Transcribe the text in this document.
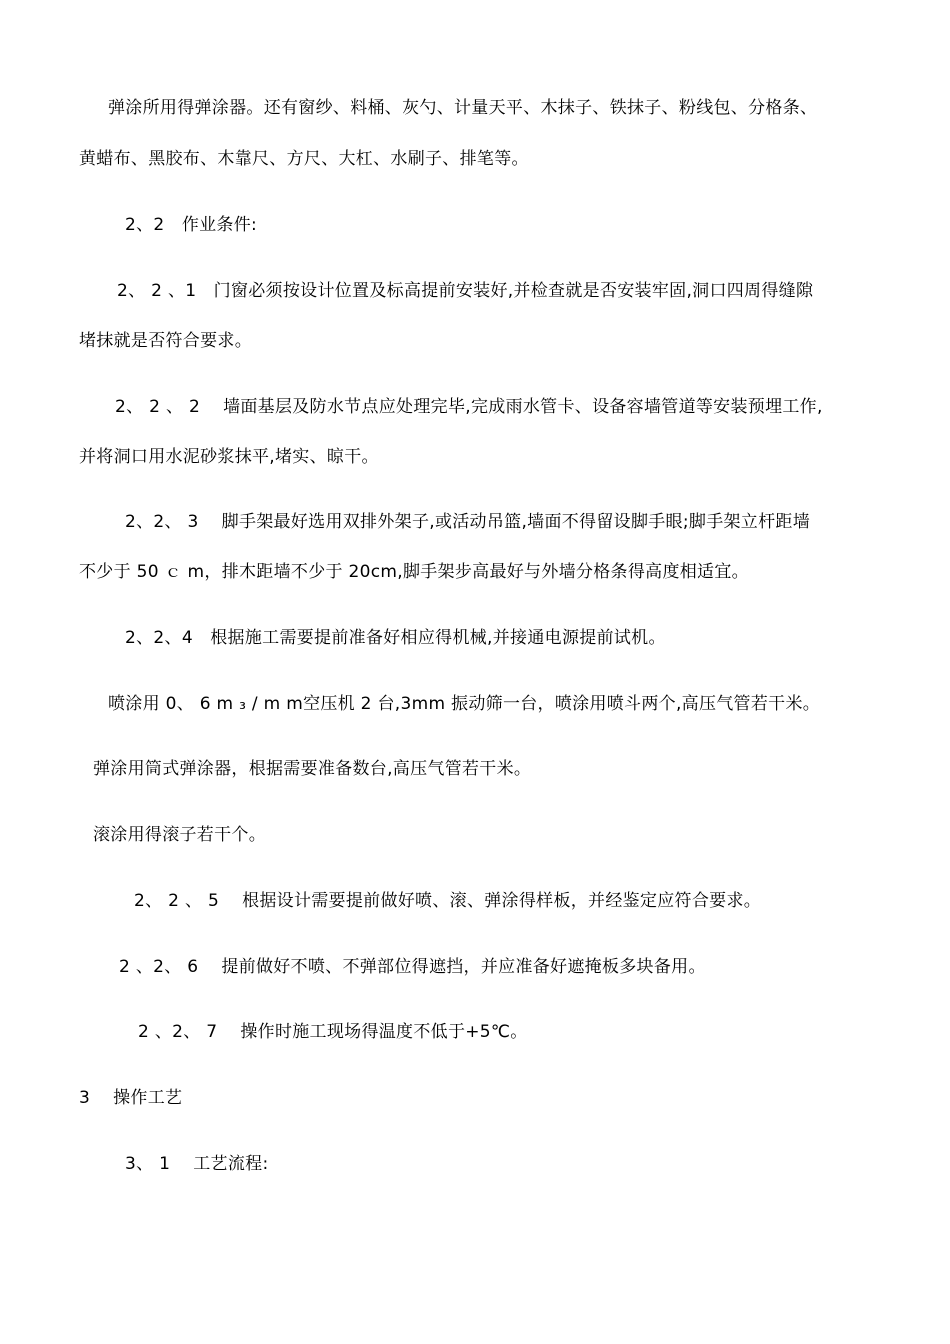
弹涂所用得弹涂器。还有窗纱、料桶、灰勺、计量天平、木抹子、铁抹子、粉线包、分格条、
黄蜡布、黑胶布、木靠尺、方尺、大杠、水刷子、排笔等。
2、2　作业条件:
2、 2 、1　门窗必须按设计位置及标高提前安装好,并检查就是否安装牢固,洞口四周得缝隙
堵抹就是否符合要求。
2、 2 、 2　 墙面基层及防水节点应处理完毕,完成雨水管卡、设备容墙管道等安装预埋工作,
并将洞口用水泥砂浆抹平,堵实、晾干。
2、2、 3　 脚手架最好选用双排外架子,或活动吊篮,墙面不得留设脚手眼;脚手架立杆距墙
不少于 50 ｃ m，排木距墙不少于 20cm,脚手架步高最好与外墙分格条得高度相适宜。
2、2、4　根据施工需要提前准备好相应得机械,并接通电源提前试机。
喷涂用 0、 6 m ₃ / m m空压机 2 台,3mm 振动筛一台，喷涂用喷斗两个,高压气管若干米。
弹涂用筒式弹涂器，根据需要准备数台,高压气管若干米。
滚涂用得滚子若干个。
2、 2 、 5　 根据设计需要提前做好喷、滚、弹涂得样板，并经鉴定应符合要求。
2 、2、 6　 提前做好不喷、不弹部位得遮挡，并应准备好遮掩板多块备用。
2 、2、 7　 操作时施工现场得温度不低于+5℃。
3　 操作工艺
3、 1　 工艺流程:
